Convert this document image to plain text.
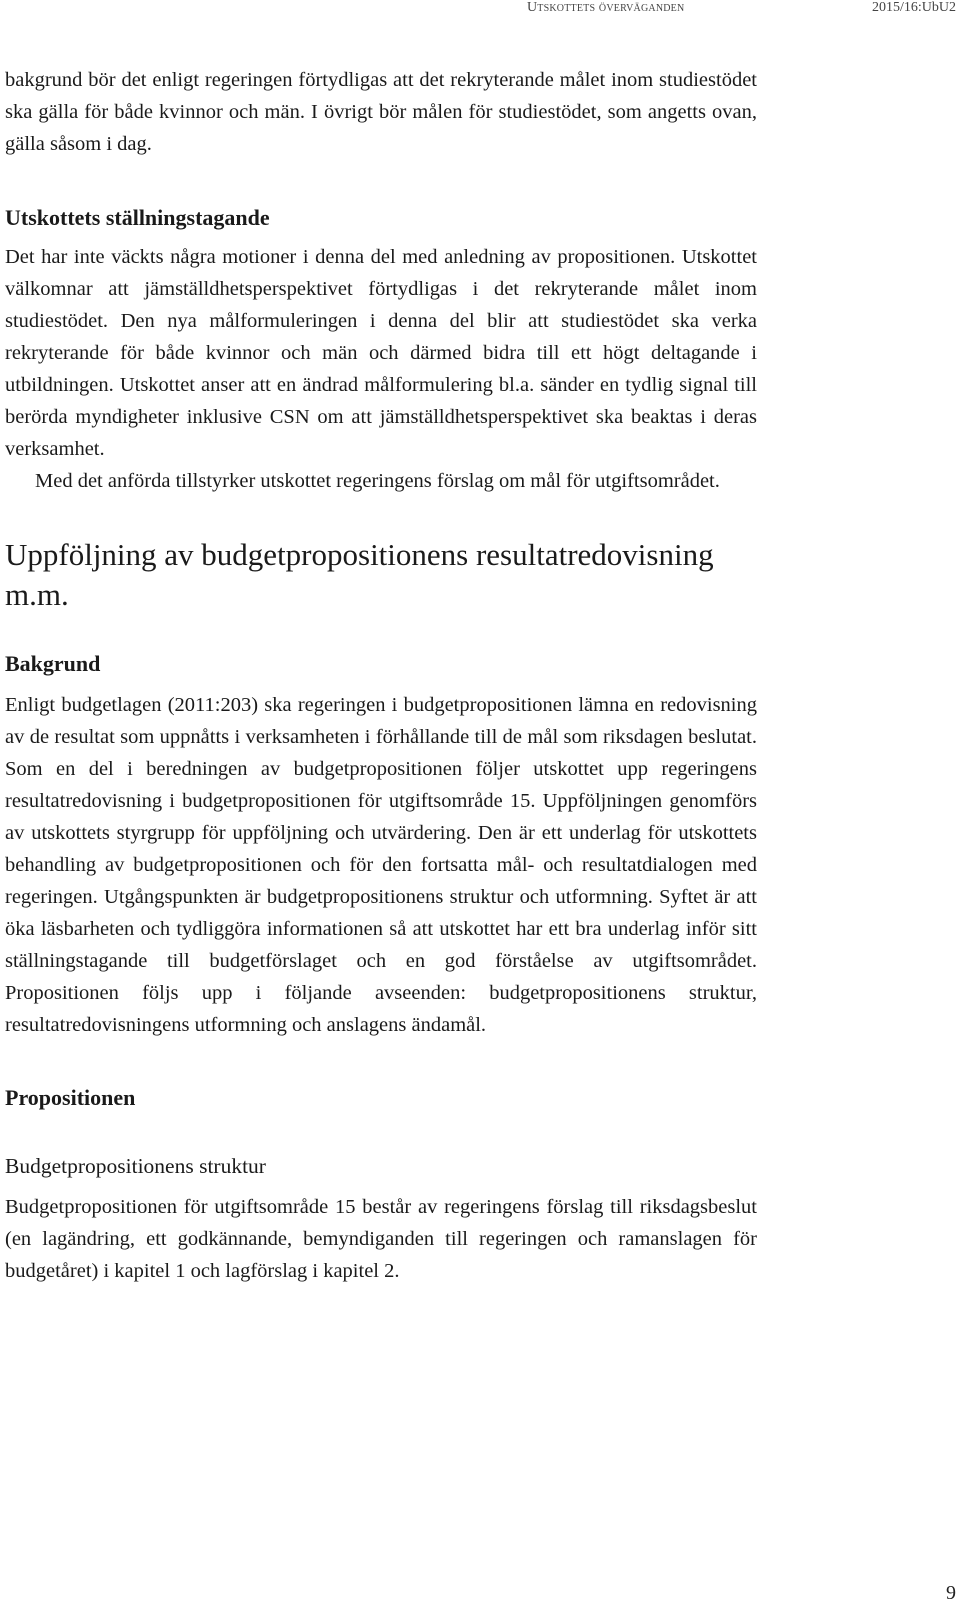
Utskottets överväganden	2015/16:UbU2

bakgrund bör det enligt regeringen förtydligas att det rekryterande målet inom studiestödet ska gälla för både kvinnor och män. I övrigt bör målen för studiestödet, som angetts ovan, gälla såsom i dag.

Utskottets ställningstagande

Det har inte väckts några motioner i denna del med anledning av propositionen. Utskottet välkomnar att jämställdhetsperspektivet förtydligas i det rekryterande målet inom studiestödet. Den nya målformuleringen i denna del blir att studiestödet ska verka rekryterande för både kvinnor och män och därmed bidra till ett högt deltagande i utbildningen. Utskottet anser att en ändrad målformulering bl.a. sänder en tydlig signal till berörda myndigheter inklusive CSN om att jämställdhetsperspektivet ska beaktas i deras verksamhet.

Med det anförda tillstyrker utskottet regeringens förslag om mål för utgiftsområdet.

Uppföljning av budgetpropositionens resultatredovisning m.m.
Bakgrund

Enligt budgetlagen (2011:203) ska regeringen i budgetpropositionen lämna en redovisning av de resultat som uppnåtts i verksamheten i förhållande till de mål som riksdagen beslutat. Som en del i beredningen av budgetpropositionen följer utskottet upp regeringens resultatredovisning i budgetpropositionen för utgiftsområde 15. Uppföljningen genomförs av utskottets styrgrupp för uppföljning och utvärdering. Den är ett underlag för utskottets behandling av budgetpropositionen och för den fortsatta mål- och resultatdialogen med regeringen. Utgångspunkten är budgetpropositionens struktur och utformning. Syftet är att öka läsbarheten och tydliggöra informationen så att utskottet har ett bra underlag inför sitt ställningstagande till budgetförslaget och en god förståelse av utgiftsområdet. Propositionen följs upp i följande avseenden: budgetpropositionens struktur, resultatredovisningens utformning och anslagens ändamål.

Propositionen
Budgetpropositionens struktur

Budgetpropositionen för utgiftsområde 15 består av regeringens förslag till riksdagsbeslut (en lagändring, ett godkännande, bemyndiganden till regeringen och ramanslagen för budgetåret) i kapitel 1 och lagförslag i kapitel 2.

9
